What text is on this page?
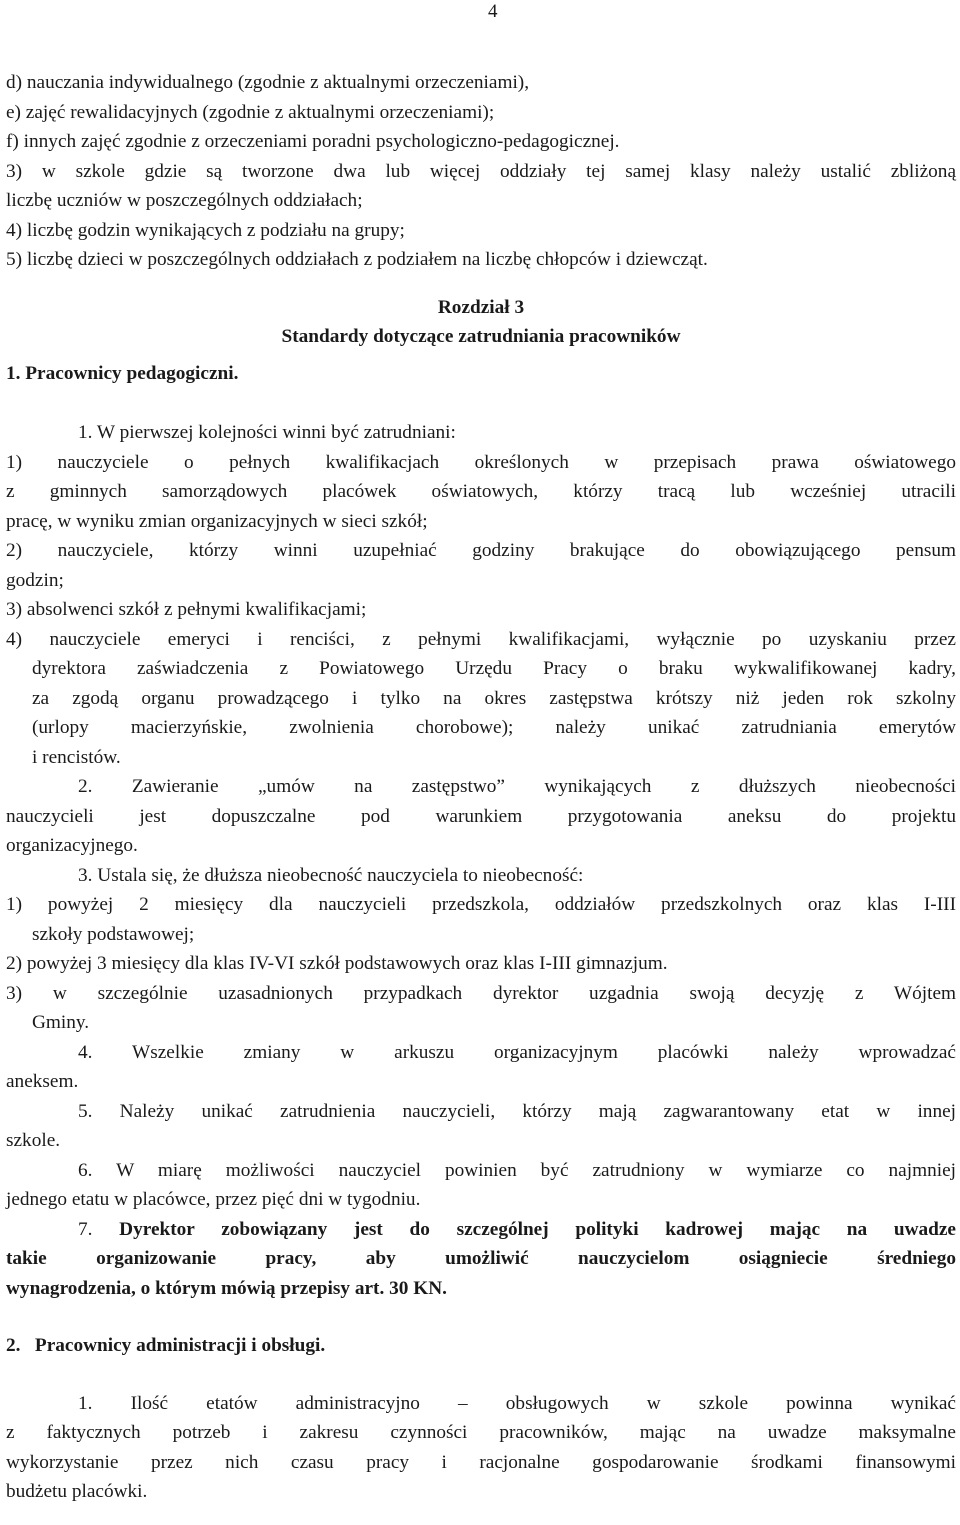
4
d) nauczania indywidualnego (zgodnie z aktualnymi orzeczeniami),
e) zajęć rewalidacyjnych (zgodnie z aktualnymi orzeczeniami);
f) innych zajęć zgodnie z orzeczeniami poradni psychologiczno-pedagogicznej.
3) w szkole gdzie są tworzone dwa lub więcej oddziały tej samej klasy należy ustalić zbliżoną
liczbę uczniów w poszczególnych oddziałach;
4) liczbę godzin wynikających z podziału na grupy;
5) liczbę dzieci w poszczególnych oddziałach z podziałem na liczbę chłopców i dziewcząt.
Rozdział 3
Standardy dotyczące zatrudniania pracowników
1. Pracownicy pedagogiczni.
1. W pierwszej kolejności winni być zatrudniani:
1) nauczyciele o pełnych kwalifikacjach określonych w przepisach prawa oświatowego
z gminnych samorządowych placówek oświatowych, którzy tracą lub wcześniej utracili
pracę, w wyniku zmian organizacyjnych w sieci szkół;
2) nauczyciele, którzy winni uzupełniać godziny brakujące do obowiązującego pensum
godzin;
3) absolwenci szkół z pełnymi kwalifikacjami;
4) nauczyciele emeryci i renciści, z pełnymi kwalifikacjami, wyłącznie po uzyskaniu przez
dyrektora zaświadczenia z Powiatowego Urzędu Pracy o braku wykwalifikowanej kadry,
za zgodą organu prowadzącego i tylko na okres zastępstwa krótszy niż jeden rok szkolny
(urlopy macierzyńskie, zwolnienia chorobowe); należy unikać zatrudniania emerytów
i rencistów.
2. Zawieranie „umów na zastępstwo” wynikających z dłuższych nieobecności
nauczycieli jest dopuszczalne pod warunkiem przygotowania aneksu do projektu
organizacyjnego.
3. Ustala się, że dłuższa nieobecność nauczyciela to nieobecność:
1) powyżej 2 miesięcy dla nauczycieli przedszkola, oddziałów przedszkolnych oraz klas I-III
szkoły podstawowej;
2) powyżej 3 miesięcy dla klas IV-VI szkół podstawowych oraz klas I-III gimnazjum.
3) w szczególnie uzasadnionych przypadkach dyrektor uzgadnia swoją decyzję z Wójtem
Gminy.
4. Wszelkie zmiany w arkuszu organizacyjnym placówki należy wprowadzać
aneksem.
5. Należy unikać zatrudnienia nauczycieli, którzy mają zagwarantowany etat w innej
szkole.
6. W miarę możliwości nauczyciel powinien być zatrudniony w wymiarze co najmniej
jednego etatu w placówce, przez pięć dni w tygodniu.
7. Dyrektor zobowiązany jest do szczególnej polityki kadrowej mając na uwadze
takie organizowanie pracy, aby umożliwić nauczycielom osiągniecie średniego
wynagrodzenia, o którym mówią przepisy art. 30 KN.
2.   Pracownicy administracji i obsługi.
1. Ilość etatów administracyjno – obsługowych w szkole powinna wynikać
z faktycznych potrzeb i zakresu czynności pracowników, mając na uwadze maksymalne
wykorzystanie przez nich czasu pracy i racjonalne gospodarowanie środkami finansowymi
budżetu placówki.
